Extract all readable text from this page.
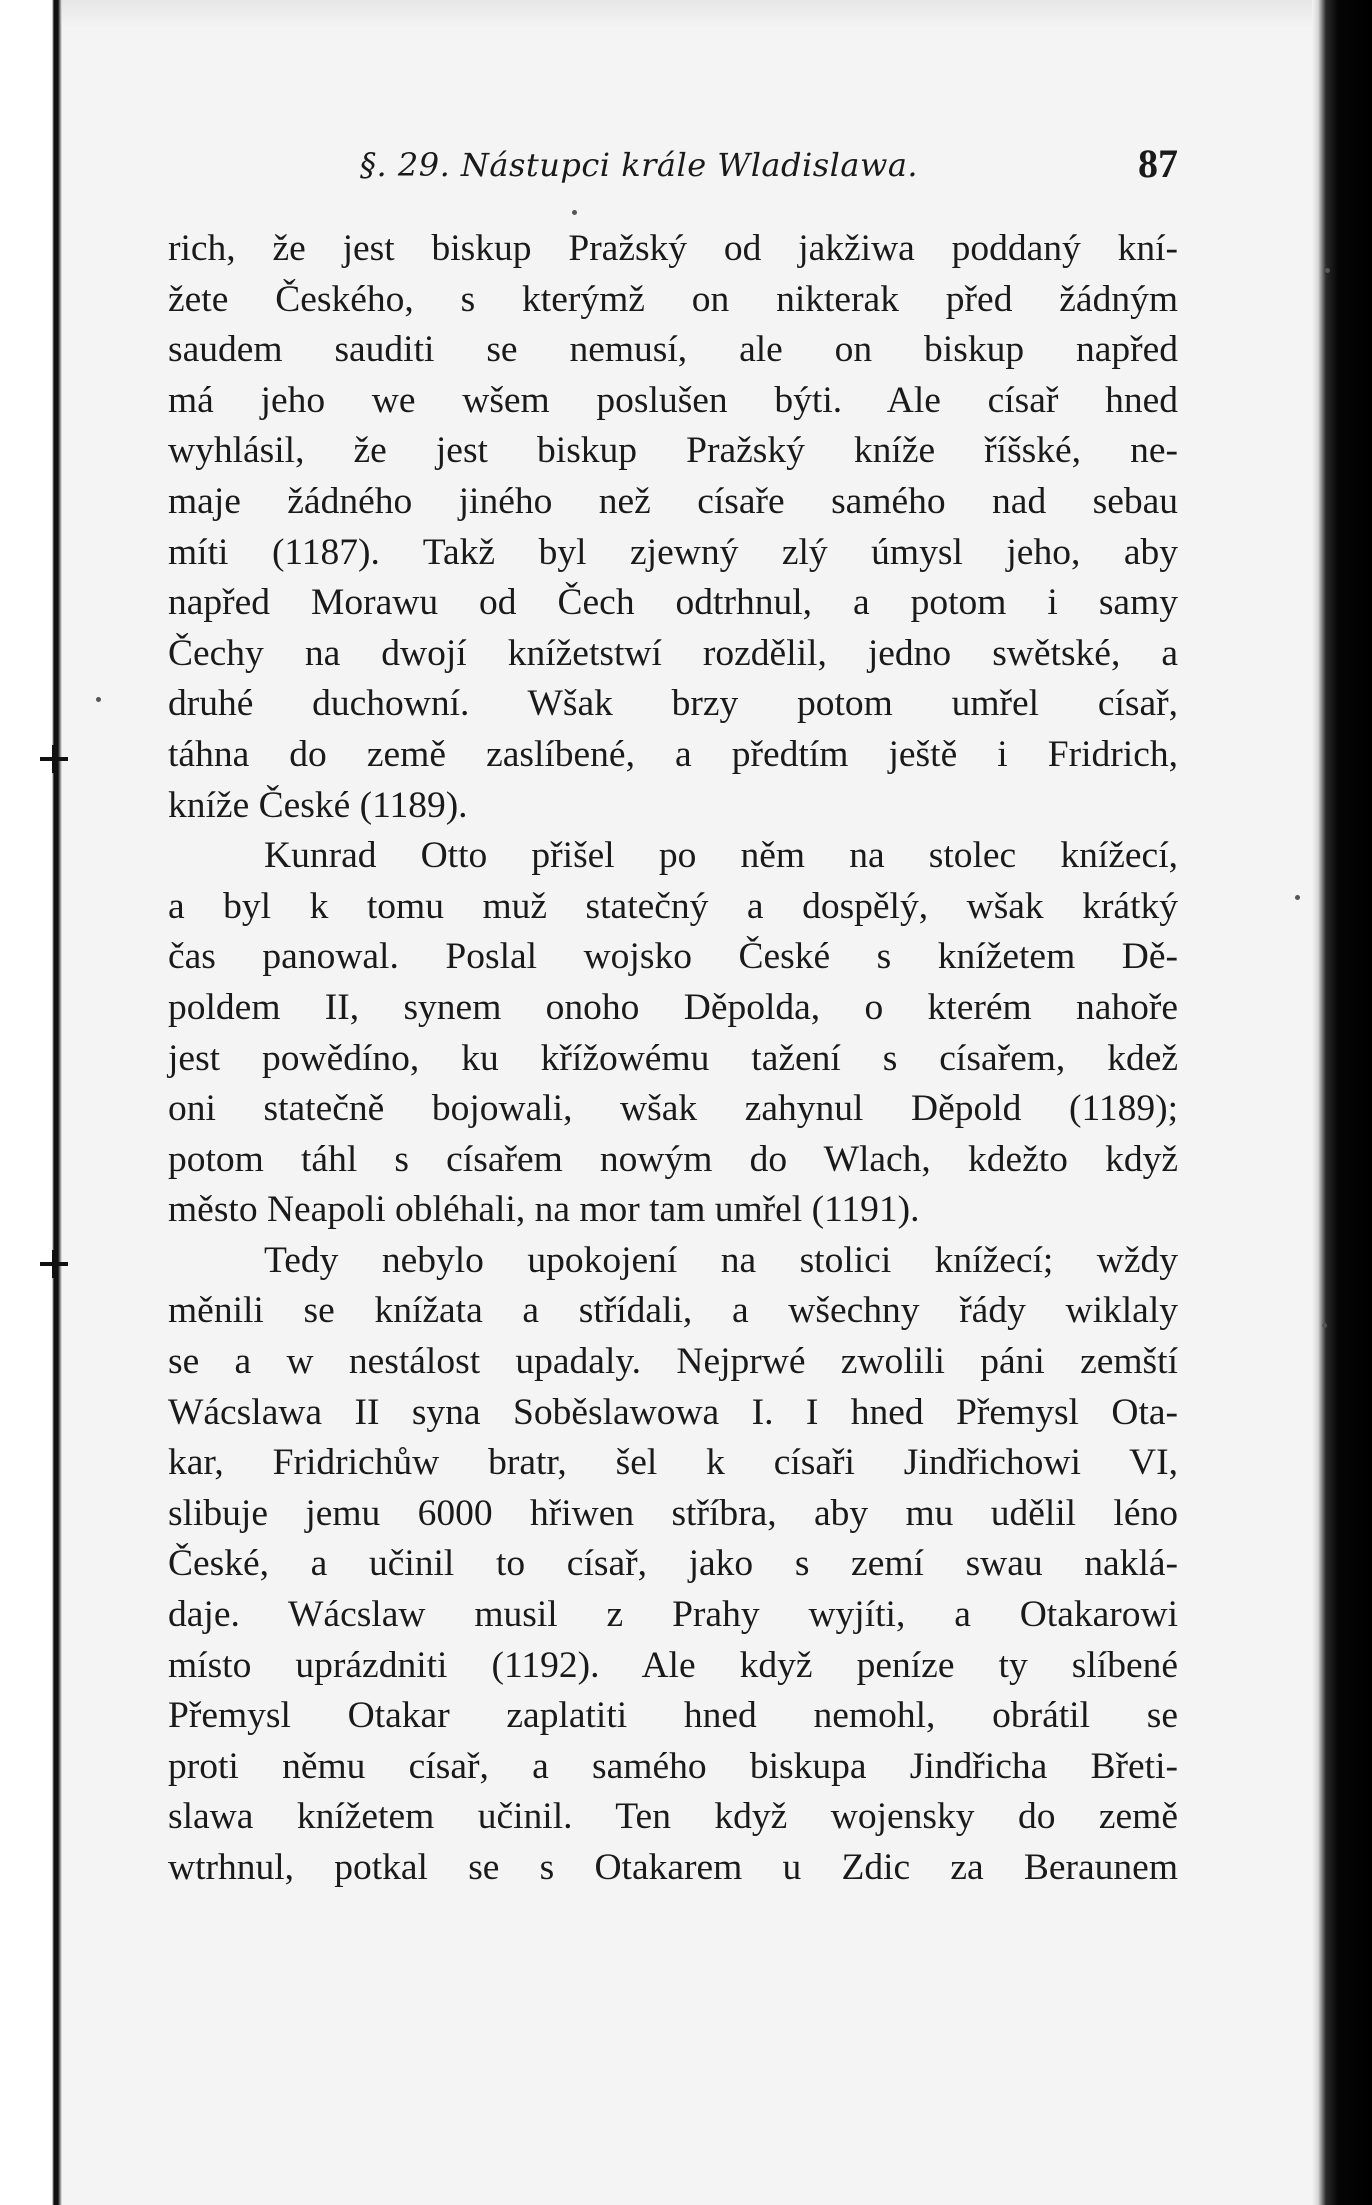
§. 29. Nástupci krále Wladislawa.	87
rich, že jest biskup Pražský od jakžiwa poddaný kní-
žete Českého, s kterýmž on nikterak před žádným
saudem sauditi se nemusí, ale on biskup napřed
má jeho we wšem poslušen býti. Ale císař hned
wyhlásil, že jest biskup Pražský kníže říšské, ne-
maje žádného jiného než císaře samého nad sebau
míti (1187). Takž byl zjewný zlý úmysl jeho, aby
napřed Morawu od Čech odtrhnul, a potom i samy
Čechy na dwojí knížetstwí rozdělil, jedno swětské, a
druhé duchowní. Wšak brzy potom umřel císař,
táhna do země zaslíbené, a předtím ještě i Fridrich,
kníže České (1189).
Kunrad Otto přišel po něm na stolec knížecí,
a byl k tomu muž statečný a dospělý, wšak krátký
čas panowal. Poslal wojsko České s knížetem Dě-
poldem II, synem onoho Děpolda, o kterém nahoře
jest powědíno, ku křížowému tažení s císařem, kdež
oni statečně bojowali, wšak zahynul Děpold (1189);
potom táhl s císařem nowým do Wlach, kdežto když
město Neapoli obléhali, na mor tam umřel (1191).
Tedy nebylo upokojení na stolici knížecí; wždy
měnili se knížata a střídali, a wšechny řády wiklaly
se a w nestálost upadaly. Nejprwé zwolili páni zemští
Wácslawa II syna Soběslawowa I. I hned Přemysl Ota-
kar, Fridrichůw bratr, šel k císaři Jindřichowi VI,
slibuje jemu 6000 hřiwen stříbra, aby mu udělil léno
České, a učinil to císař, jako s zemí swau naklá-
daje. Wácslaw musil z Prahy wyjíti, a Otakarowi
místo uprázdniti (1192). Ale když peníze ty slíbené
Přemysl Otakar zaplatiti hned nemohl, obrátil se
proti němu císař, a samého biskupa Jindřicha Břeti-
slawa knížetem učinil. Ten když wojensky do země
wtrhnul, potkal se s Otakarem u Zdic za Beraunem
